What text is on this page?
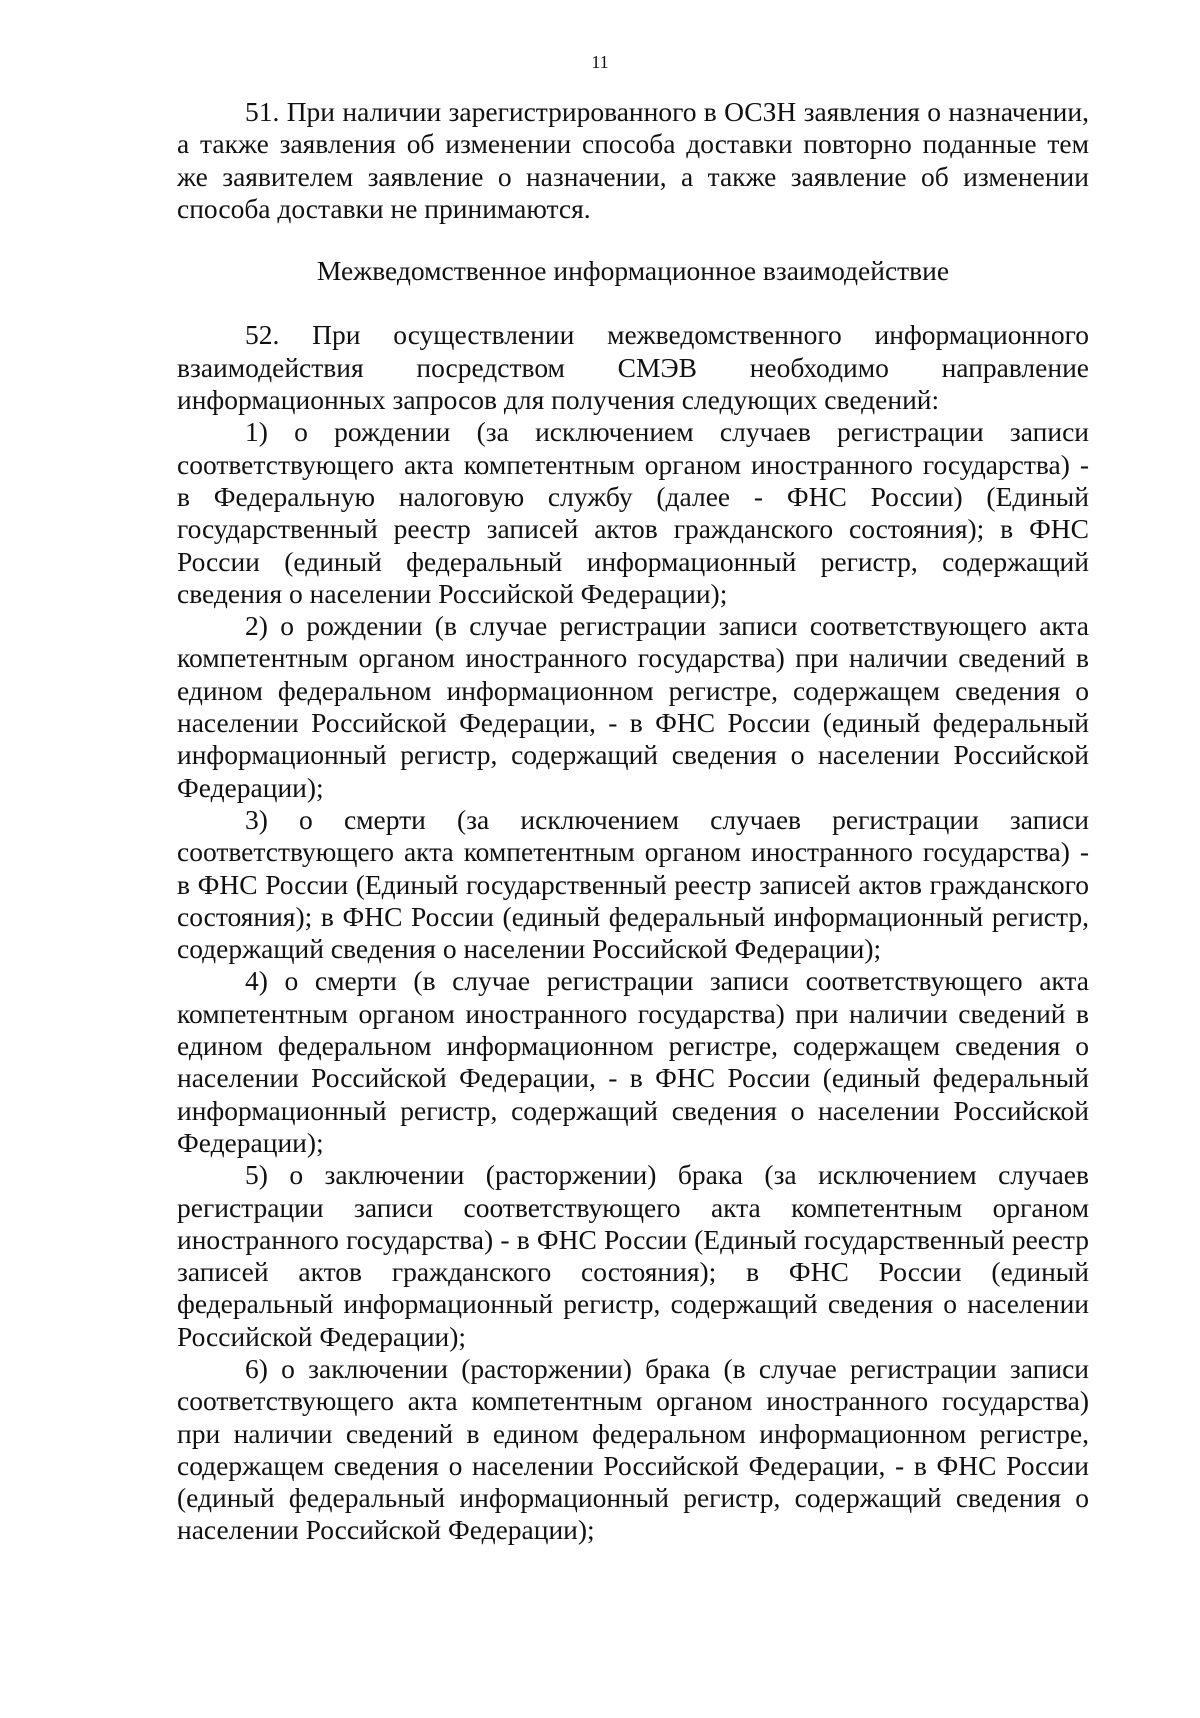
11

51. При наличии зарегистрированного в ОСЗН заявления о назначении, а также заявления об изменении способа доставки повторно поданные тем же заявителем заявление о назначении, а также заявление об изменении способа доставки не принимаются.

Межведомственное информационное взаимодействие

52. При осуществлении межведомственного информационного взаимодействия посредством СМЭВ необходимо направление информационных запросов для получения следующих сведений:

1) о рождении (за исключением случаев регистрации записи соответствующего акта компетентным органом иностранного государства) - в Федеральную налоговую службу (далее - ФНС России) (Единый государственный реестр записей актов гражданского состояния); в ФНС России (единый федеральный информационный регистр, содержащий сведения о населении Российской Федерации);

2) о рождении (в случае регистрации записи соответствующего акта компетентным органом иностранного государства) при наличии сведений в едином федеральном информационном регистре, содержащем сведения о населении Российской Федерации, - в ФНС России (единый федеральный информационный регистр, содержащий сведения о населении Российской Федерации);

3) о смерти (за исключением случаев регистрации записи соответствующего акта компетентным органом иностранного государства) - в ФНС России (Единый государственный реестр записей актов гражданского состояния); в ФНС России (единый федеральный информационный регистр, содержащий сведения о населении Российской Федерации);

4) о смерти (в случае регистрации записи соответствующего акта компетентным органом иностранного государства) при наличии сведений в едином федеральном информационном регистре, содержащем сведения о населении Российской Федерации, - в ФНС России (единый федеральный информационный регистр, содержащий сведения о населении Российской Федерации);

5) о заключении (расторжении) брака (за исключением случаев регистрации записи соответствующего акта компетентным органом иностранного государства) - в ФНС России (Единый государственный реестр записей актов гражданского состояния); в ФНС России (единый федеральный информационный регистр, содержащий сведения о населении Российской Федерации);

6) о заключении (расторжении) брака (в случае регистрации записи соответствующего акта компетентным органом иностранного государства) при наличии сведений в едином федеральном информационном регистре, содержащем сведения о населении Российской Федерации, - в ФНС России (единый федеральный информационный регистр, содержащий сведения о населении Российской Федерации);
